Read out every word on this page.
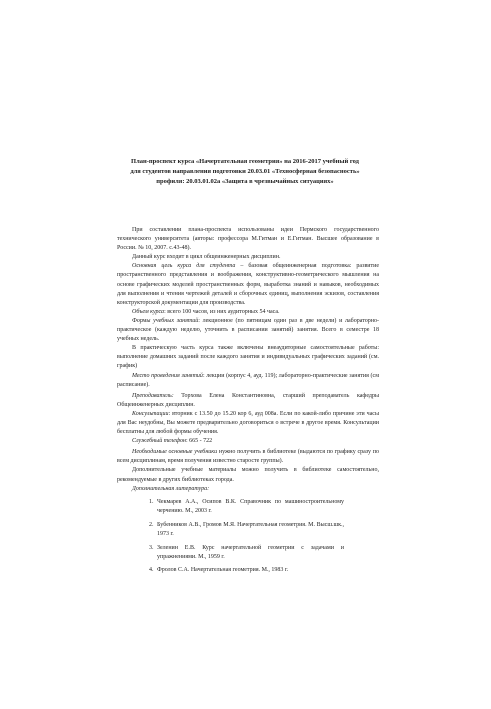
План-проспект курса «Начертательная геометрия» на 2016-2017 учебный год
для студентов направления подготовки 20.03.01 «Техносферная безопасность»
профиля: 20.03.01.02а «Защита в чрезвычайных ситуациях»

При составлении плана-проспекта использованы идеи Пермского государственного технического университета (авторы: профессора М.Гитман и Е.Гитман. Высшее образование в России. № 10, 2007. с.43-48).

Данный курс входит в цикл общеинженерных дисциплин.

Основная цель курса для студента – базовая общеинженерная подготовка: развитие пространственного представления и воображения, конструктивно-геометрического мышления на основе графических моделей пространственных форм, выработка знаний и навыков, необходимых для выполнения и чтения чертежей деталей и сборочных единиц, выполнения эскизов, составления конструкторской документации для производства.

Объем курса: всего 100 часов, из них аудиторных 54 часа.

Формы учебных занятий: лекционное (по пятницам один раз в две недели) и лабораторно-практическое (каждую неделю, уточнить в расписании занятий) занятия. Всего в семестре 18 учебных недель.

В практическую часть курса также включены внеаудиторные самостоятельные работы: выполнение домашних заданий после каждого занятия и индивидуальных графических заданий (см. график)

Место проведения занятий: лекции (корпус 4, ауд. 119); лабораторно-практические занятия (см расписание).

Преподаватель: Торхова Елена Константиновна, старший преподаватель кафедры Общеинженерных дисциплин.

Консультации: вторник с 13.50 до 15.20 кор 6, ауд 008а. Если по какой-либо причине эти часы для Вас неудобны, Вы можете предварительно договориться о встрече в другое время. Консультации бесплатны для любой формы обучения.

Служебный телефон: 665 - 722

Необходимые основные учебники нужно получить в библиотеке (выдаются по графику сразу по всем дисциплинам, время получения известно старосте группы).

Дополнительные учебные материалы можно получить в библиотеке самостоятельно, рекомендуемые в других библиотеках города.

Дополнительная литература:

1. Чекмарев А.А., Осипов В.К. Справочник по машиностроительному черчению. М., 2003 г.
2. Бубенников А.В., Громов М.Я. Начертательная геометрия. М. Высш.шк., 1973 г.
3. Зеленин Е.В. Курс начертательной геометрии с задачами и упражнениями. М., 1959 г.
4. Фролов С.А. Начертательная геометрия. М., 1983 г.
